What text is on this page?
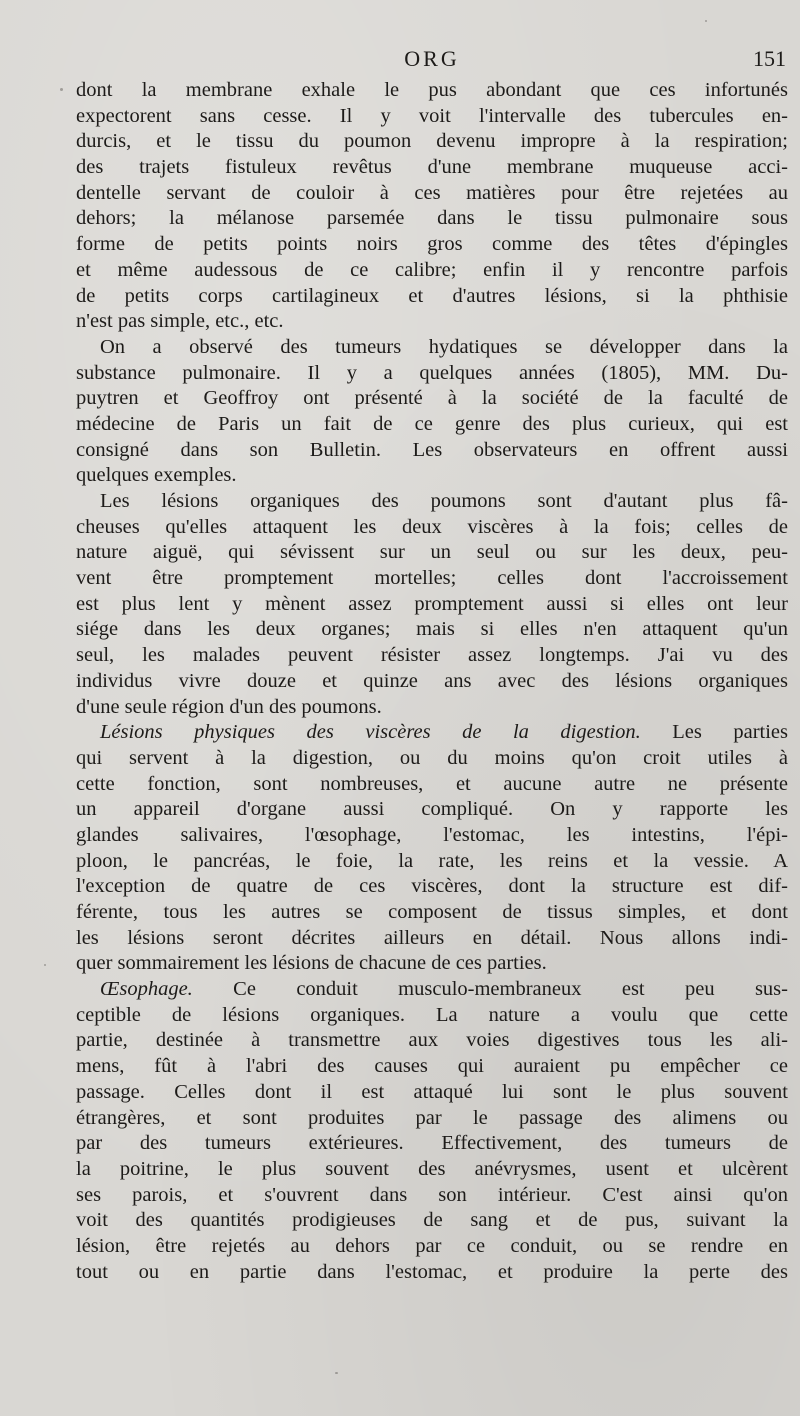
ORG	151
dont la membrane exhale le pus abondant que ces infortunés
expectorent sans cesse. Il y voit l'intervalle des tubercules en-
durcis, et le tissu du poumon devenu impropre à la respiration;
des trajets fistuleux revêtus d'une membrane muqueuse acci-
dentelle servant de couloir à ces matières pour être rejetées au
dehors; la mélanose parsemée dans le tissu pulmonaire sous
forme de petits points noirs gros comme des têtes d'épingles
et même audessous de ce calibre; enfin il y rencontre parfois
de petits corps cartilagineux et d'autres lésions, si la phthisie
n'est pas simple, etc., etc.
On a observé des tumeurs hydatiques se développer dans la
substance pulmonaire. Il y a quelques années (1805), MM. Du-
puytren et Geoffroy ont présenté à la société de la faculté de
médecine de Paris un fait de ce genre des plus curieux, qui est
consigné dans son Bulletin. Les observateurs en offrent aussi
quelques exemples.
Les lésions organiques des poumons sont d'autant plus fâ-
cheuses qu'elles attaquent les deux viscères à la fois; celles de
nature aiguë, qui sévissent sur un seul ou sur les deux, peu-
vent être promptement mortelles; celles dont l'accroissement
est plus lent y mènent assez promptement aussi si elles ont leur
siége dans les deux organes; mais si elles n'en attaquent qu'un
seul, les malades peuvent résister assez longtemps. J'ai vu des
individus vivre douze et quinze ans avec des lésions organiques
d'une seule région d'un des poumons.
Lésions physiques des viscères de la digestion. Les parties
qui servent à la digestion, ou du moins qu'on croit utiles à
cette fonction, sont nombreuses, et aucune autre ne présente
un appareil d'organe aussi compliqué. On y rapporte les
glandes salivaires, l'œsophage, l'estomac, les intestins, l'épi-
ploon, le pancréas, le foie, la rate, les reins et la vessie. A
l'exception de quatre de ces viscères, dont la structure est dif-
férente, tous les autres se composent de tissus simples, et dont
les lésions seront décrites ailleurs en détail. Nous allons indi-
quer sommairement les lésions de chacune de ces parties.
Œsophage. Ce conduit musculo-membraneux est peu sus-
ceptible de lésions organiques. La nature a voulu que cette
partie, destinée à transmettre aux voies digestives tous les ali-
mens, fût à l'abri des causes qui auraient pu empêcher ce
passage. Celles dont il est attaqué lui sont le plus souvent
étrangères, et sont produites par le passage des alimens ou
par des tumeurs extérieures. Effectivement, des tumeurs de
la poitrine, le plus souvent des anévrysmes, usent et ulcèrent
ses parois, et s'ouvrent dans son intérieur. C'est ainsi qu'on
voit des quantités prodigieuses de sang et de pus, suivant la
lésion, être rejetés au dehors par ce conduit, ou se rendre en
tout ou en partie dans l'estomac, et produire la perte des
